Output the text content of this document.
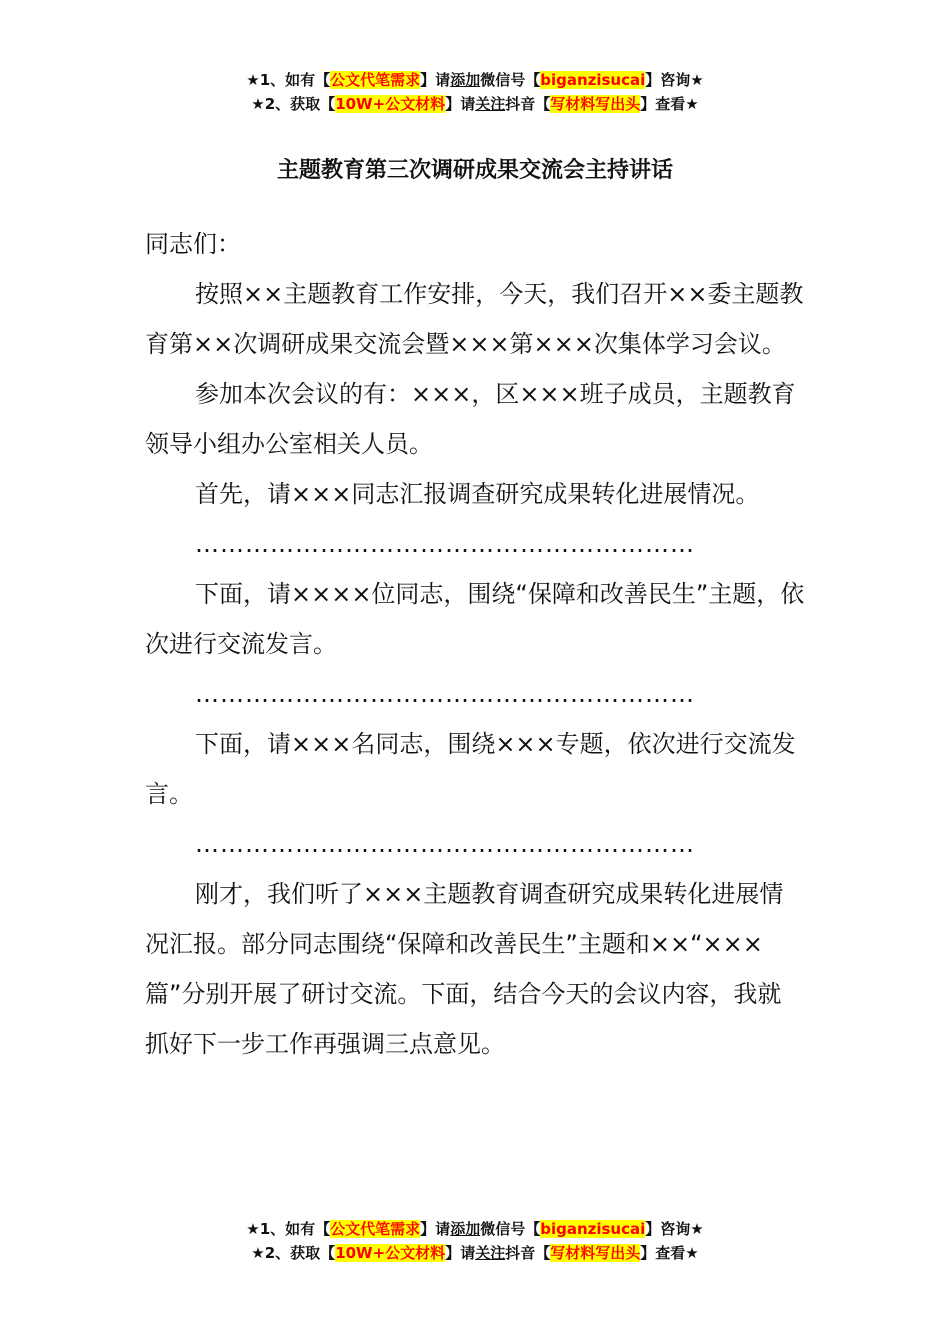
★1、如有【公文代笔需求】请添加微信号【biganzisucai】咨询★
★2、获取【10W+公文材料】请关注抖音【写材料写出头】查看★
主题教育第三次调研成果交流会主持讲话

同志们：

按照××主题教育工作安排，今天，我们召开××委主题教育第××次调研成果交流会暨×××第×××次集体学习会议。

参加本次会议的有：×××，区×××班子成员，主题教育领导小组办公室相关人员。

首先，请×××同志汇报调查研究成果转化进展情况。

……………………………………………………

下面，请××××位同志，围绕“保障和改善民生”主题，依次进行交流发言。

……………………………………………………

下面，请×××名同志，围绕×××专题，依次进行交流发言。

……………………………………………………

刚才，我们听了×××主题教育调查研究成果转化进展情况汇报。部分同志围绕“保障和改善民生”主题和××“×××篇”分别开展了研讨交流。下面，结合今天的会议内容，我就抓好下一步工作再强调三点意见。

★1、如有【公文代笔需求】请添加微信号【biganzisucai】咨询★
★2、获取【10W+公文材料】请关注抖音【写材料写出头】查看★
